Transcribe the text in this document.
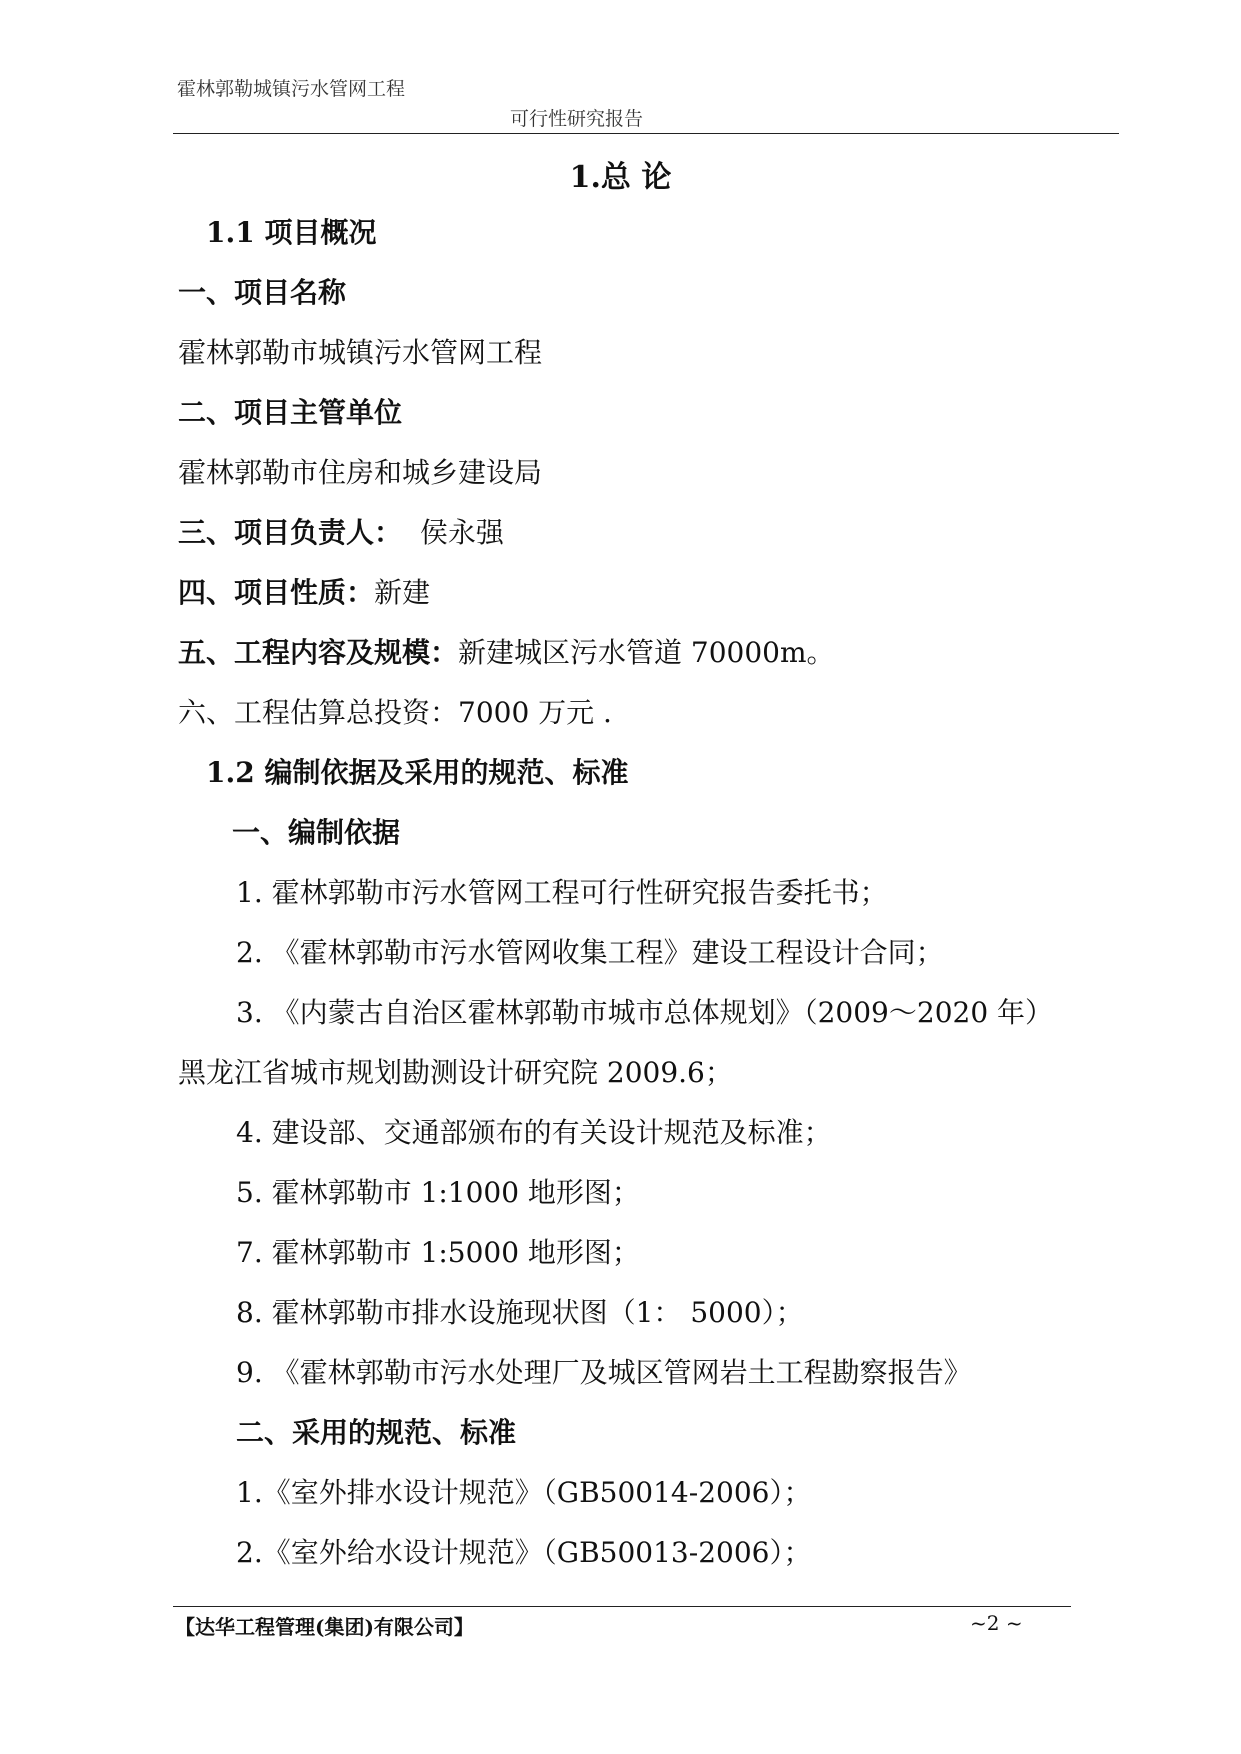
霍林郭勒城镇污水管网工程
可行性研究报告
1.总 论
1.1 项目概况
一、项目名称
霍林郭勒市城镇污水管网工程
二、项目主管单位
霍林郭勒市住房和城乡建设局
三、项目负责人：  侯永强
四、项目性质：新建
五、工程内容及规模：新建城区污水管道 70000m。
六、工程估算总投资：7000 万元 .
1.2 编制依据及采用的规范、标准
一、编制依据
1. 霍林郭勒市污水管网工程可行性研究报告委托书；
2. 《霍林郭勒市污水管网收集工程》建设工程设计合同；
3. 《内蒙古自治区霍林郭勒市城市总体规划》（2009～2020 年）
黑龙江省城市规划勘测设计研究院 2009.6；
4. 建设部、交通部颁布的有关设计规范及标准；
5. 霍林郭勒市 1:1000 地形图；
7. 霍林郭勒市 1:5000 地形图；
8. 霍林郭勒市排水设施现状图（1： 5000）；
9. 《霍林郭勒市污水处理厂及城区管网岩土工程勘察报告》
二、采用的规范、标准
1.《室外排水设计规范》（GB50014-2006）；
2.《室外给水设计规范》（GB50013-2006）；
【达华工程管理(集团)有限公司】	~2 ~
